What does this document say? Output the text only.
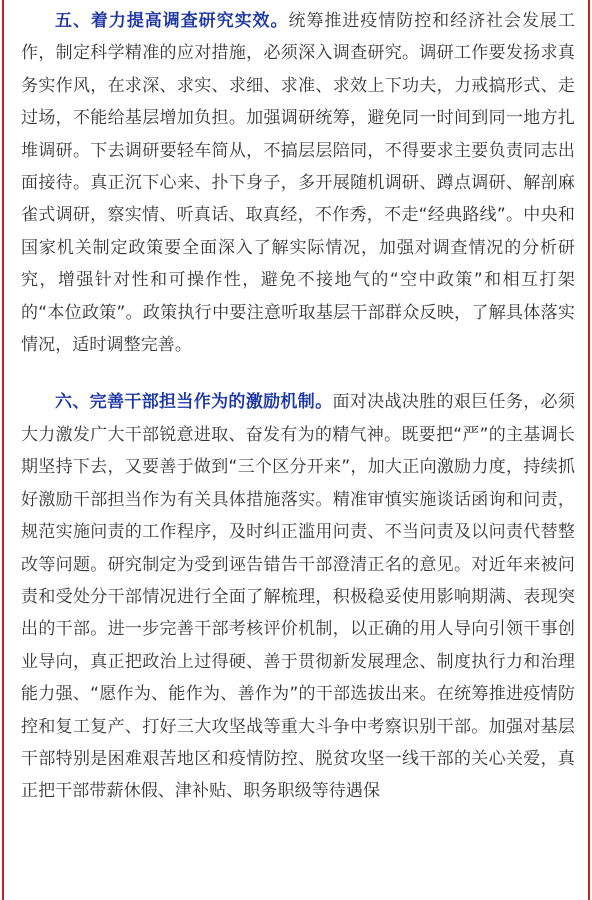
五、着力提高调查研究实效。统筹推进疫情防控和经济社会发展工作，制定科学精准的应对措施，必须深入调查研究。调研工作要发扬求真务实作风，在求深、求实、求细、求准、求效上下功夫，力戒搞形式、走过场，不能给基层增加负担。加强调研统筹，避免同一时间到同一地方扎堆调研。下去调研要轻车简从，不搞层层陪同，不得要求主要负责同志出面接待。真正沉下心来、扑下身子，多开展随机调研、蹲点调研、解剖麻雀式调研，察实情、听真话、取真经，不作秀，不走“经典路线”。中央和国家机关制定政策要全面深入了解实际情况，加强对调查情况的分析研究，增强针对性和可操作性，避免不接地气的“空中政策”和相互打架的“本位政策”。政策执行中要注意听取基层干部群众反映，了解具体落实情况，适时调整完善。

六、完善干部担当作为的激励机制。面对决战决胜的艰巨任务，必须大力激发广大干部锐意进取、奋发有为的精气神。既要把“严”的主基调长期坚持下去，又要善于做到“三个区分开来”，加大正向激励力度，持续抓好激励干部担当作为有关具体措施落实。精准审慎实施谈话函询和问责，规范实施问责的工作程序，及时纠正滥用问责、不当问责及以问责代替整改等问题。研究制定为受到诬告错告干部澄清正名的意见。对近年来被问责和受处分干部情况进行全面了解梳理，积极稳妥使用影响期满、表现突出的干部。进一步完善干部考核评价机制，以正确的用人导向引领干事创业导向，真正把政治上过得硬、善于贯彻新发展理念、制度执行力和治理能力强、“愿作为、能作为、善作为”的干部选拔出来。在统筹推进疫情防控和复工复产、打好三大攻坚战等重大斗争中考察识别干部。加强对基层干部特别是困难艰苦地区和疫情防控、脱贫攻坚一线干部的关心关爱，真正把干部带薪休假、津补贴、职务职级等待遇保
